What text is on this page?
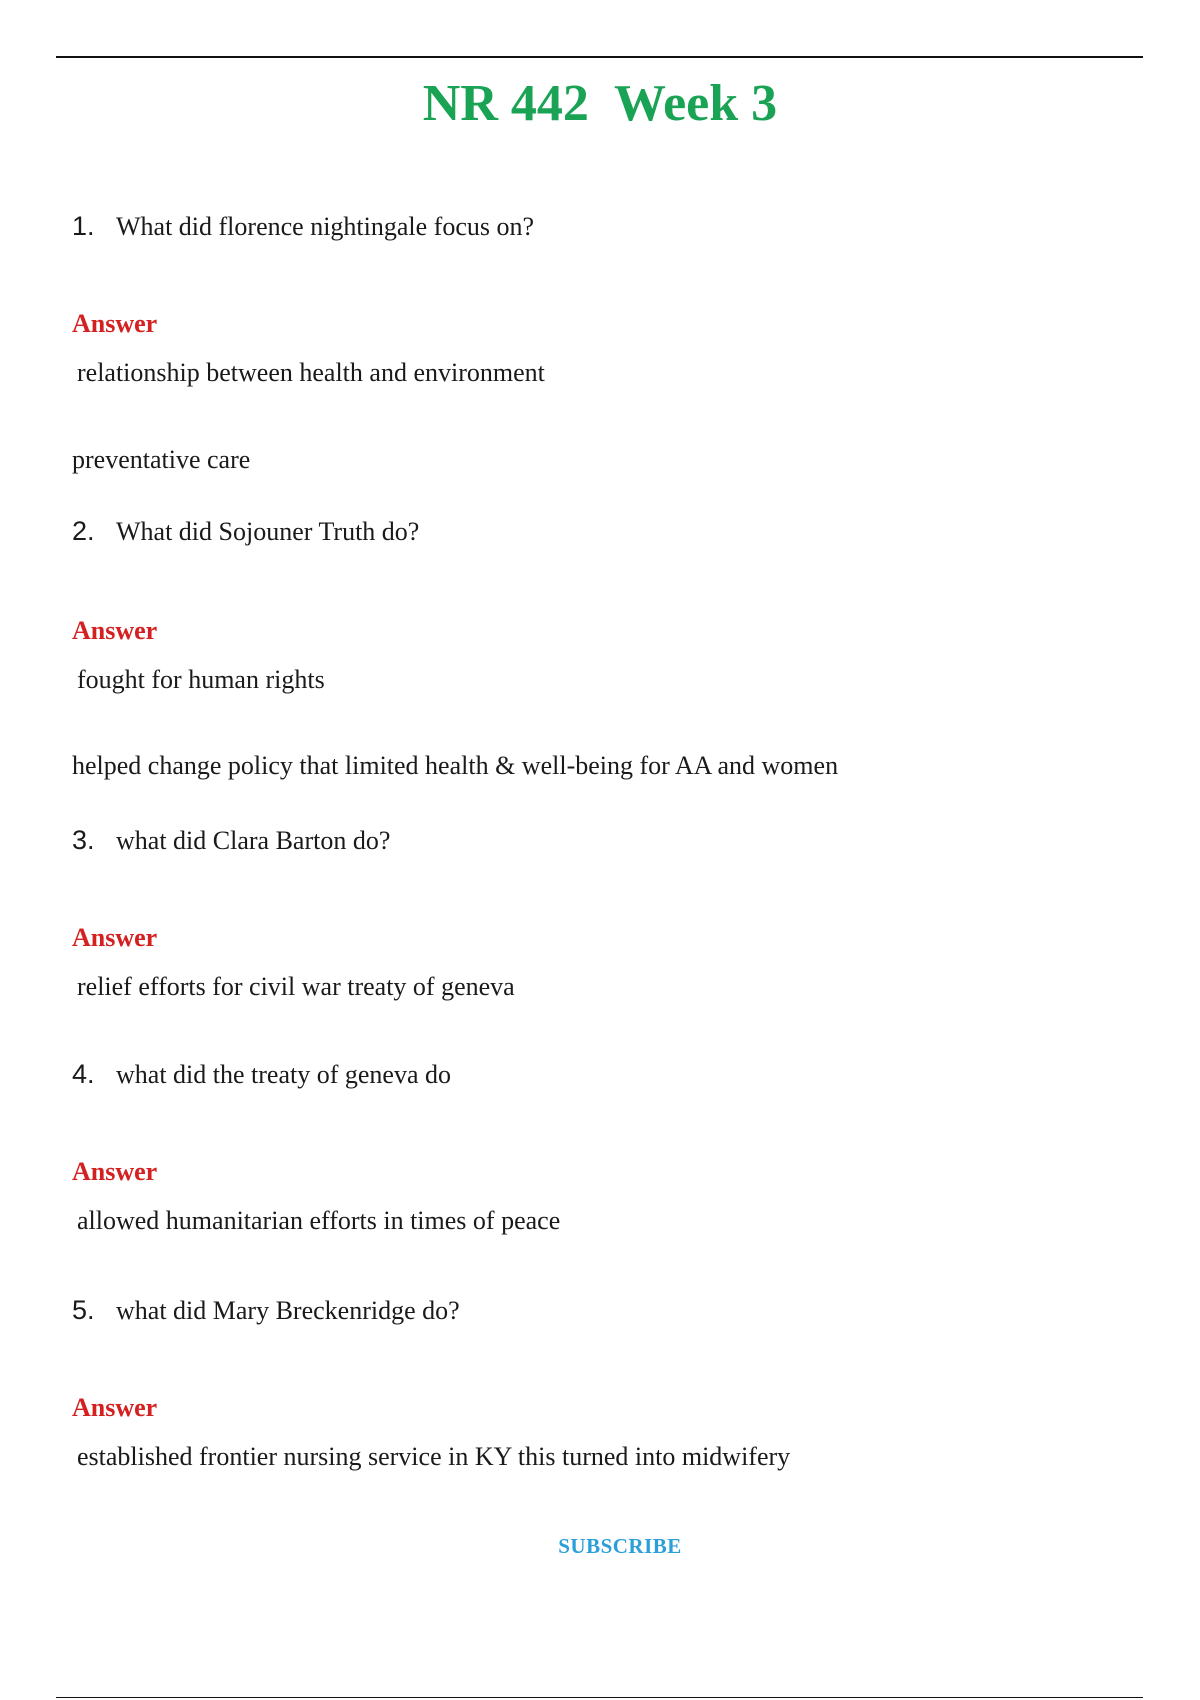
NR 442  Week 3
1. What did florence nightingale focus on?
Answer
relationship between health and environment
preventative care
2. What did Sojouner Truth do?
Answer
fought for human rights
helped change policy that limited health & well-being for AA and women
3. what did Clara Barton do?
Answer
relief efforts for civil war treaty of geneva
4. what did the treaty of geneva do
Answer
allowed humanitarian efforts in times of peace
5. what did Mary Breckenridge do?
Answer
established frontier nursing service in KY this turned into midwifery
SUBSCRIBE
